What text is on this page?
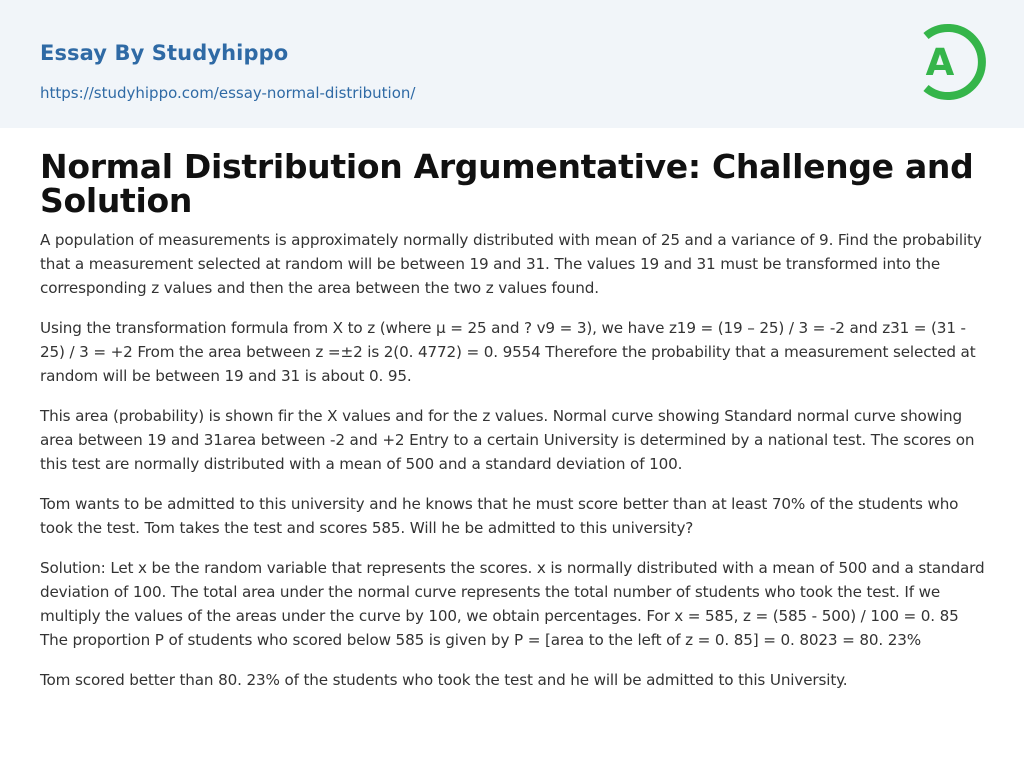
Essay By Studyhippo
https://studyhippo.com/essay-normal-distribution/
A
Normal Distribution Argumentative: Challenge and Solution

A population of measurements is approximately normally distributed with mean of 25 and a variance of 9. Find the probability that a measurement selected at random will be between 19 and 31. The values 19 and 31 must be transformed into the corresponding z values and then the area between the two z values found.

Using the transformation formula from X to z (where μ = 25 and ? v9 = 3), we have z19 = (19 – 25) / 3 = -2 and z31 = (31 - 25) / 3 = +2 From the area between z =±2 is 2(0. 4772) = 0. 9554 Therefore the probability that a measurement selected at random will be between 19 and 31 is about 0. 95.

This area (probability) is shown fir the X values and for the z values. Normal curve showing Standard normal curve showing area between 19 and 31area between -2 and +2 Entry to a certain University is determined by a national test. The scores on this test are normally distributed with a mean of 500 and a standard deviation of 100.

Tom wants to be admitted to this university and he knows that he must score better than at least 70% of the students who took the test. Tom takes the test and scores 585. Will he be admitted to this university?

Solution: Let x be the random variable that represents the scores. x is normally distributed with a mean of 500 and a standard deviation of 100. The total area under the normal curve represents the total number of students who took the test. If we multiply the values of the areas under the curve by 100, we obtain percentages. For x = 585, z = (585 - 500) / 100 = 0. 85 The proportion P of students who scored below 585 is given by P = [area to the left of z = 0. 85] = 0. 8023 = 80. 23%

Tom scored better than 80. 23% of the students who took the test and he will be admitted to this University.
